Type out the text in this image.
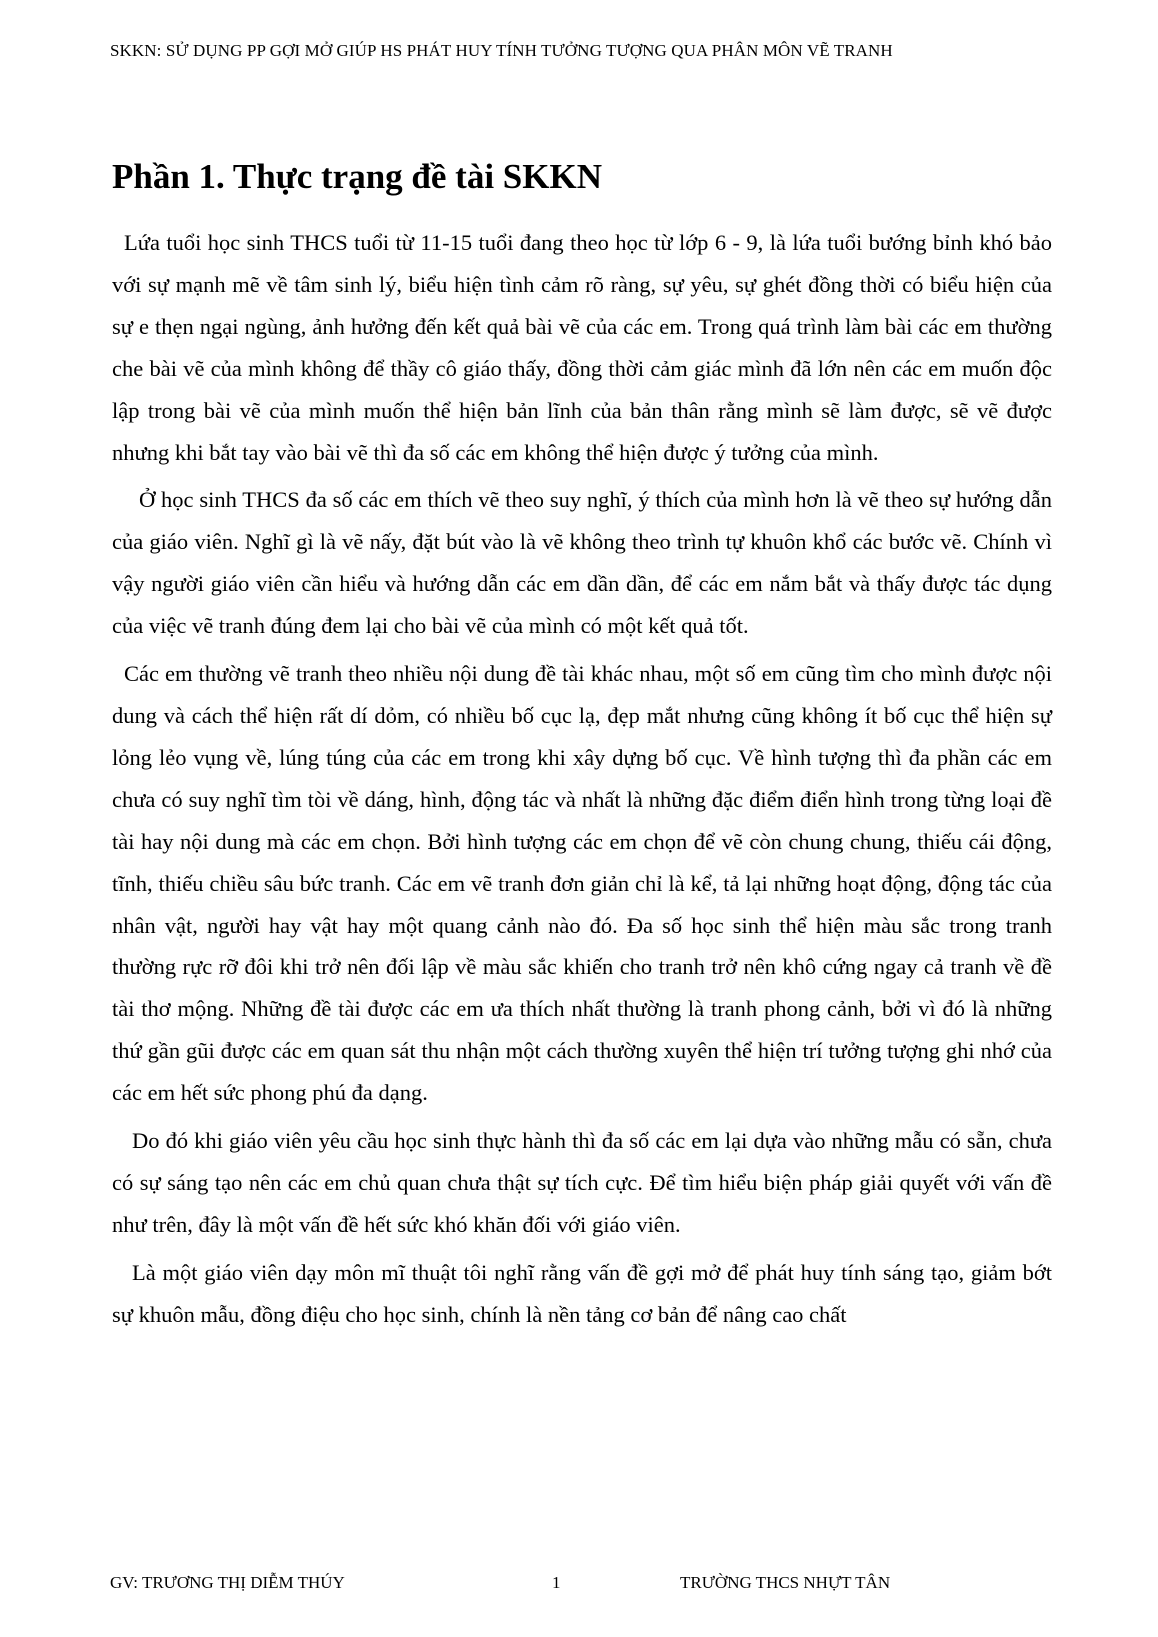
SKKN: SỬ DỤNG PP GỢI MỞ GIÚP HS PHÁT HUY TÍNH TƯỞNG TƯỢNG QUA PHÂN MÔN VẼ TRANH
Phần 1. Thực trạng đề tài SKKN

Lứa tuổi học sinh THCS tuổi từ 11-15 tuổi đang theo học từ lớp 6 - 9, là lứa tuổi bướng bỉnh khó bảo với sự mạnh mẽ về tâm sinh lý, biểu hiện tình cảm rõ ràng, sự yêu, sự ghét đồng thời có biểu hiện của sự e thẹn ngại ngùng, ảnh hưởng đến kết quả bài vẽ của các em. Trong quá trình làm bài các em thường che bài vẽ của mình không để thầy cô giáo thấy, đồng thời cảm giác mình đã lớn nên các em muốn độc lập trong bài vẽ của mình muốn thể hiện bản lĩnh của bản thân rằng mình sẽ làm được, sẽ vẽ được nhưng khi bắt tay vào bài vẽ thì đa số các em không thể hiện được ý tưởng của mình.

Ở học sinh THCS đa số các em thích vẽ theo suy nghĩ, ý thích của mình hơn là vẽ theo sự hướng dẫn của giáo viên. Nghĩ gì là vẽ nấy, đặt bút vào là vẽ không theo trình tự khuôn khổ các bước vẽ. Chính vì vậy người giáo viên cần hiểu và hướng dẫn các em dần dần, để các em nắm bắt và thấy được tác dụng của việc vẽ tranh đúng đem lại cho bài vẽ của mình có một kết quả tốt.

Các em thường vẽ tranh theo nhiều nội dung đề tài khác nhau, một số em cũng tìm cho mình được nội dung và cách thể hiện rất dí dỏm, có nhiều bố cục lạ, đẹp mắt nhưng cũng không ít bố cục thể hiện sự lỏng lẻo vụng về, lúng túng của các em trong khi xây dựng bố cục. Về hình tượng thì đa phần các em chưa có suy nghĩ tìm tòi về dáng, hình, động tác và nhất là những đặc điểm điển hình trong từng loại đề tài hay nội dung mà các em chọn. Bởi hình tượng các em chọn để vẽ còn chung chung, thiếu cái động, tĩnh, thiếu chiều sâu bức tranh. Các em vẽ tranh đơn giản chỉ là kể, tả lại những hoạt động, động tác của nhân vật, người hay vật hay một quang cảnh nào đó. Đa số học sinh thể hiện màu sắc trong tranh thường rực rỡ đôi khi trở nên đối lập về màu sắc khiến cho tranh trở nên khô cứng ngay cả tranh về đề tài thơ mộng. Những đề tài được các em ưa thích nhất thường là tranh phong cảnh, bởi vì đó là những thứ gần gũi được các em quan sát thu nhận một cách thường xuyên thể hiện trí tưởng tượng ghi nhớ của các em hết sức phong phú đa dạng.

Do đó khi giáo viên yêu cầu học sinh thực hành thì đa số các em lại dựa vào những mẫu có sẵn, chưa có sự sáng tạo nên các em chủ quan chưa thật sự tích cực. Để tìm hiểu biện pháp giải quyết với vấn đề như trên, đây là một vấn đề hết sức khó khăn đối với giáo viên.

Là một giáo viên dạy môn mĩ thuật tôi nghĩ rằng vấn đề gợi mở để phát huy tính sáng tạo, giảm bớt sự khuôn mẫu, đồng điệu cho học sinh, chính là nền tảng cơ bản để nâng cao chất

GV: TRƯƠNG THỊ DIỄM THÚY	1	TRƯỜNG THCS NHỰT TÂN
